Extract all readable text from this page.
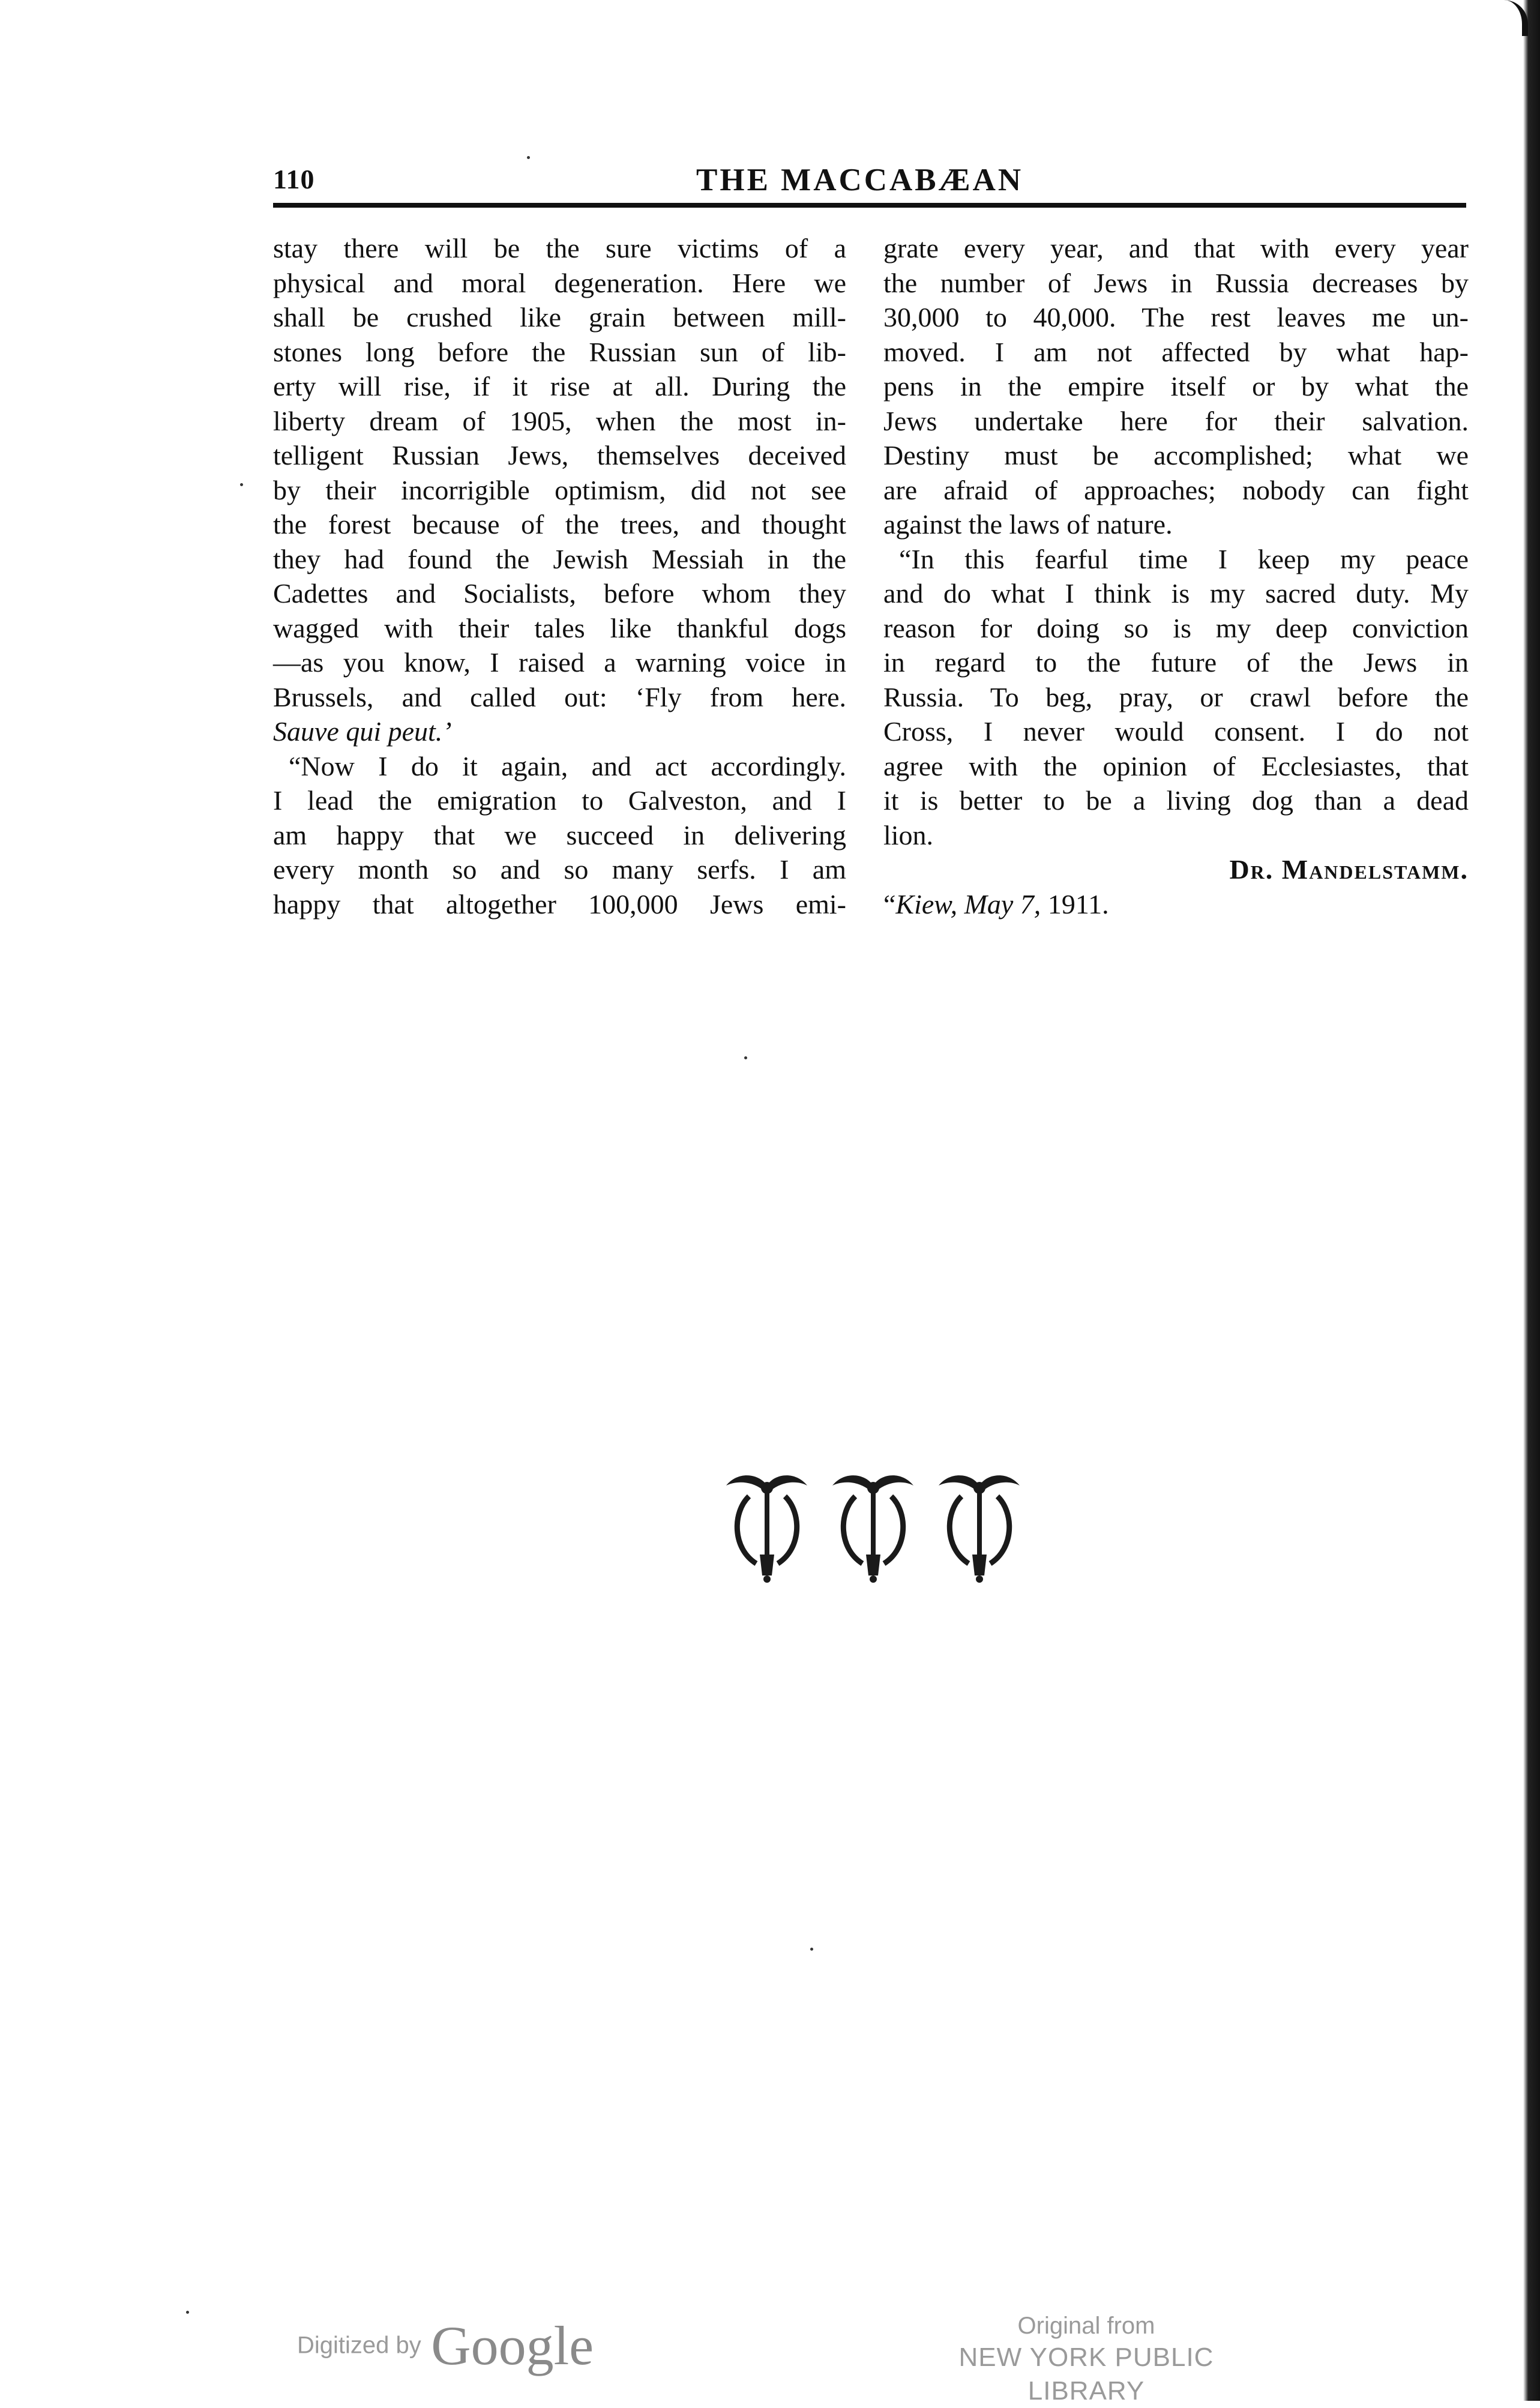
110	THE MACCABÆAN
stay there will be the sure victims of a
physical and moral degeneration. Here we
shall be crushed like grain between mill-
stones long before the Russian sun of lib-
erty will rise, if it rise at all. During the
liberty dream of 1905, when the most in-
telligent Russian Jews, themselves deceived
by their incorrigible optimism, did not see
the forest because of the trees, and thought
they had found the Jewish Messiah in the
Cadettes and Socialists, before whom they
wagged with their tales like thankful dogs
—as you know, I raised a warning voice in
Brussels, and called out: ‘Fly from here.
Sauve qui peut.’
“Now I do it again, and act accordingly.
I lead the emigration to Galveston, and I
am happy that we succeed in delivering
every month so and so many serfs. I am
happy that altogether 100,000 Jews emi-
grate every year, and that with every year
the number of Jews in Russia decreases by
30,000 to 40,000. The rest leaves me un-
moved. I am not affected by what hap-
pens in the empire itself or by what the
Jews undertake here for their salvation.
Destiny must be accomplished; what we
are afraid of approaches; nobody can fight
against the laws of nature.
“In this fearful time I keep my peace
and do what I think is my sacred duty. My
reason for doing so is my deep conviction
in regard to the future of the Jews in
Russia. To beg, pray, or crawl before the
Cross, I never would consent. I do not
agree with the opinion of Ecclesiastes, that
it is better to be a living dog than a dead
lion.
Dr. Mandelstamm.
“Kiew, May 7, 1911.
Digitized by Google	Original from
NEW YORK PUBLIC LIBRARY
